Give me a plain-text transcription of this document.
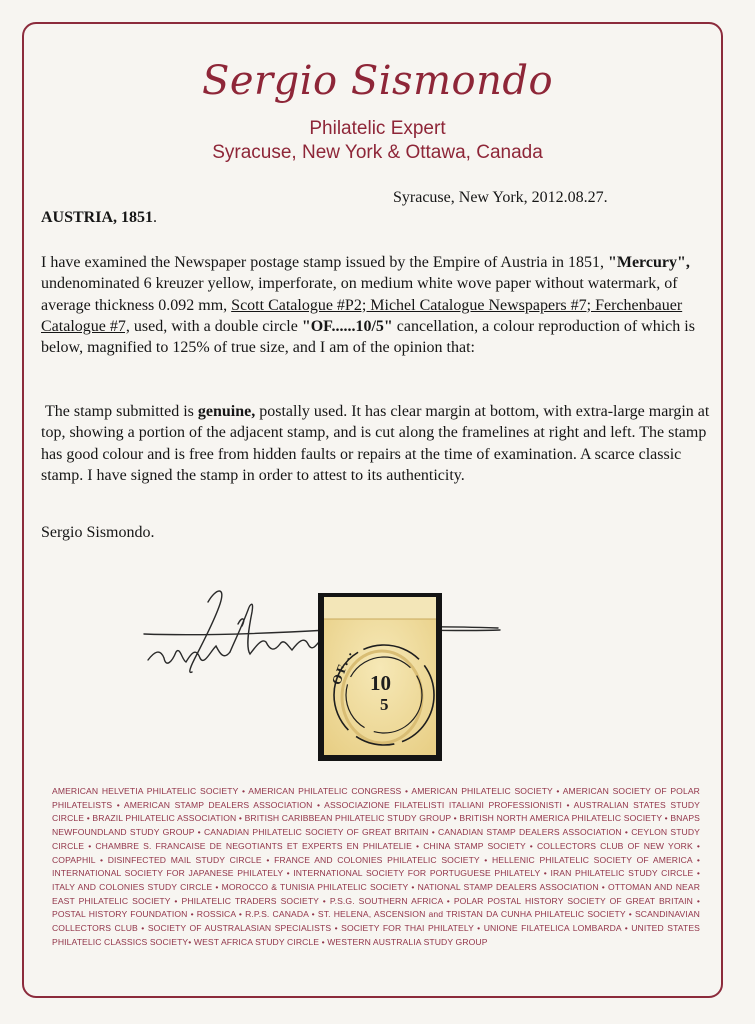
Sergio Sismondo
Philatelic Expert
Syracuse, New York & Ottawa, Canada
Syracuse, New York, 2012.08.27.
AUSTRIA, 1851.

I have examined the Newspaper postage stamp issued by the Empire of Austria in 1851, "Mercury", undenominated 6 kreuzer yellow, imperforate, on medium white wove paper without watermark, of average thickness 0.092 mm, Scott Catalogue #P2; Michel Catalogue Newspapers #7; Ferchenbauer Catalogue #7, used, with a double circle "OF......10/5" cancellation, a colour reproduction of which is below, magnified to 125% of true size, and I am of the opinion that:

The stamp submitted is genuine, postally used. It has clear margin at bottom, with extra-large margin at top, showing a portion of the adjacent stamp, and is cut along the framelines at right and left. The stamp has good colour and is free from hidden faults or repairs at the time of examination. A scarce classic stamp. I have signed the stamp in order to attest to its authenticity.

Sergio Sismondo.
OF... 10
5

AMERICAN HELVETIA PHILATELIC SOCIETY • AMERICAN PHILATELIC CONGRESS • AMERICAN PHILATELIC SOCIETY • AMERICAN SOCIETY OF POLAR PHILATELISTS • AMERICAN STAMP DEALERS ASSOCIATION • ASSOCIAZIONE FILATELISTI ITALIANI PROFESSIONISTI • AUSTRALIAN STATES STUDY CIRCLE • BRAZIL PHILATELIC ASSOCIATION • BRITISH CARIBBEAN PHILATELIC STUDY GROUP • BRITISH NORTH AMERICA PHILATELIC SOCIETY • BNAPS NEWFOUNDLAND STUDY GROUP • CANADIAN PHILATELIC SOCIETY OF GREAT BRITAIN • CANADIAN STAMP DEALERS ASSOCIATION • CEYLON STUDY CIRCLE • CHAMBRE S. FRANCAISE DE NEGOTIANTS ET EXPERTS EN PHILATELIE • CHINA STAMP SOCIETY • COLLECTORS CLUB OF NEW YORK • COPAPHIL • DISINFECTED MAIL STUDY CIRCLE • FRANCE AND COLONIES PHILATELIC SOCIETY • HELLENIC PHILATELIC SOCIETY OF AMERICA • INTERNATIONAL SOCIETY FOR JAPANESE PHILATELY • INTERNATIONAL SOCIETY FOR PORTUGUESE PHILATELY • IRAN PHILATELIC STUDY CIRCLE • ITALY AND COLONIES STUDY CIRCLE • MOROCCO & TUNISIA PHILATELIC SOCIETY • NATIONAL STAMP DEALERS ASSOCIATION • OTTOMAN AND NEAR EAST PHILATELIC SOCIETY • PHILATELIC TRADERS SOCIETY • P.S.G. SOUTHERN AFRICA • POLAR POSTAL HISTORY SOCIETY OF GREAT BRITAIN • POSTAL HISTORY FOUNDATION • ROSSICA • R.P.S. CANADA • ST. HELENA, ASCENSION and TRISTAN DA CUNHA PHILATELIC SOCIETY • SCANDINAVIAN COLLECTORS CLUB • SOCIETY OF AUSTRALASIAN SPECIALISTS • SOCIETY FOR THAI PHILATELY • UNIONE FILATELICA LOMBARDA • UNITED STATES PHILATELIC CLASSICS SOCIETY• WEST AFRICA STUDY CIRCLE • WESTERN AUSTRALIA STUDY GROUP
